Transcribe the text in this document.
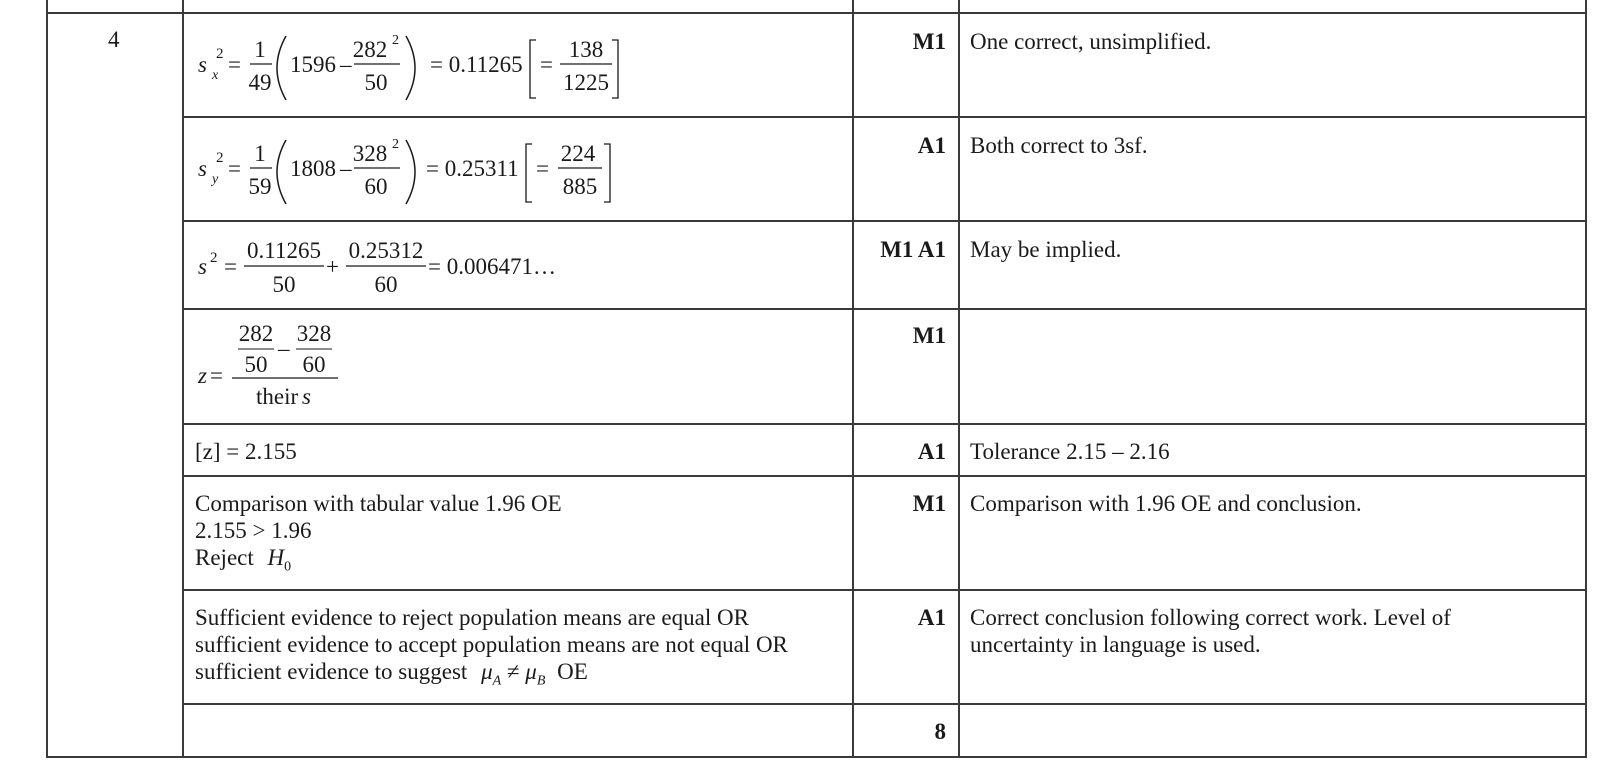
4
s x
2 =
1
49
1596 –
282 2
50
= 0.11265 =
138
1225
M1 One correct, unsimplified.
s y
2 =
1
59
1808 –
328 2
60
= 0.25311 =
224
885
A1 Both correct to 3sf.
s 2 =
0.11265
50
+
0.25312
60
= 0.006471…
M1 A1 May be implied.
z =
282
50
–
328
60
their s
M1
[z] = 2.155	A1 Tolerance 2.15 – 2.16
Comparison with tabular value 1.96 OE
2.155 > 1.96
Reject $H_0$
M1 Comparison with 1.96 OE and conclusion.
Sufficient evidence to reject population means are equal OR
sufficient evidence to accept population means are not equal OR
sufficient evidence to suggest $\mu_A \ne \mu_B$ OE
A1 Correct conclusion following correct work. Level of
uncertainty in language is used.
8
